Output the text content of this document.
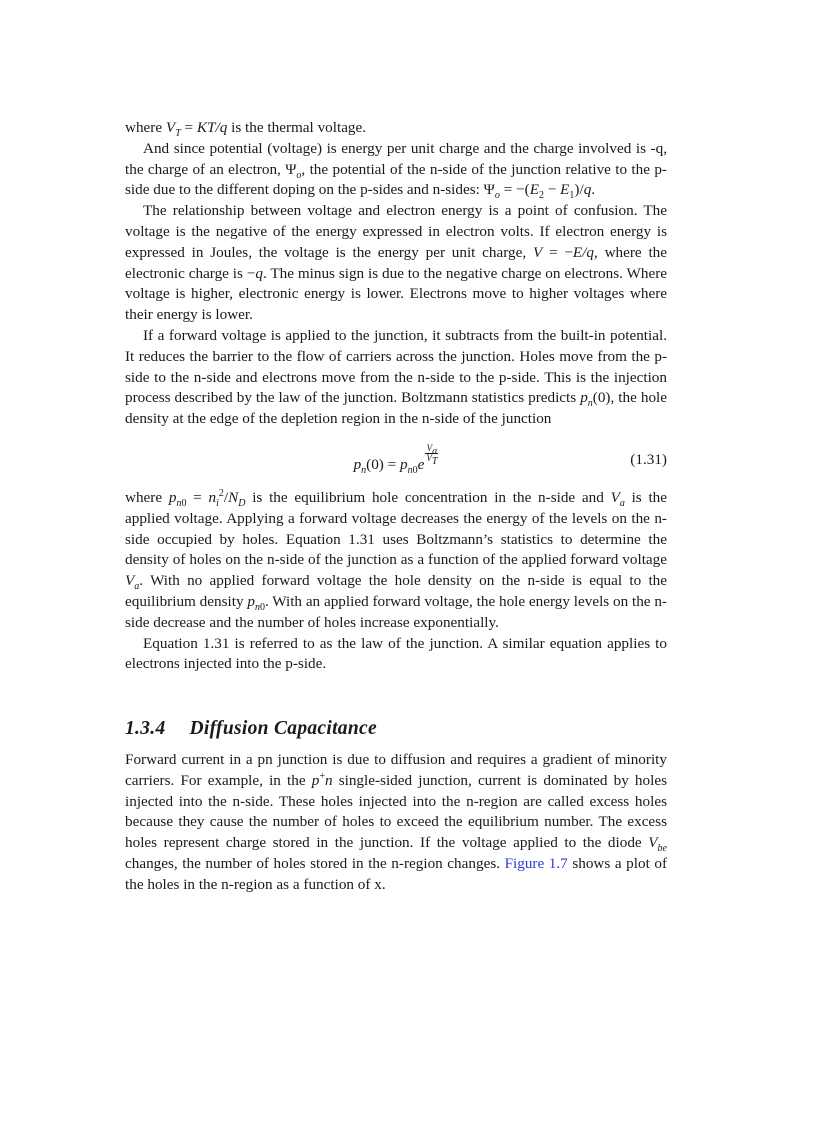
where $V_T = KT/q$ is the thermal voltage.

And since potential (voltage) is energy per unit charge and the charge involved is -q, the charge of an electron, $\Psi_o$, the potential of the n-side of the junction relative to the p-side due to the different doping on the p-sides and n-sides: $\Psi_o = -(E_2 - E_1)/q$.

The relationship between voltage and electron energy is a point of confusion. The voltage is the negative of the energy expressed in electron volts. If electron energy is expressed in Joules, the voltage is the energy per unit charge, V = −E/q, where the electronic charge is −q. The minus sign is due to the negative charge on electrons. Where voltage is higher, electronic energy is lower. Electrons move to higher voltages where their energy is lower.

If a forward voltage is applied to the junction, it subtracts from the built-in potential. It reduces the barrier to the flow of carriers across the junction. Holes move from the p-side to the n-side and electrons move from the n-side to the p-side. This is the injection process described by the law of the junction. Boltzmann statistics predicts $p_n(0)$, the hole density at the edge of the depletion region in the n-side of the junction

$p_n(0) = p_{n0}e$
$\frac{V_a}{V_T}$	(1.31)

where $p_{n0} = n_i^2/N_D$ is the equilibrium hole concentration in the n-side and $V_a$ is the applied voltage. Applying a forward voltage decreases the energy of the levels on the n-side occupied by holes. Equation 1.31 uses Boltzmann’s statistics to determine the density of holes on the n-side of the junction as a function of the applied forward voltage $V_a$. With no applied forward voltage the hole density on the n-side is equal to the equilibrium density $p_{n0}$. With an applied forward voltage, the hole energy levels on the n-side decrease and the number of holes increase exponentially.

Equation 1.31 is referred to as the law of the junction. A similar equation applies to electrons injected into the p-side.

1.3.4 Diffusion Capacitance

Forward current in a pn junction is due to diffusion and requires a gradient of minority carriers. For example, in the p+n single-sided junction, current is dominated by holes injected into the n-side. These holes injected into the n-region are called excess holes because they cause the number of holes to exceed the equilibrium number. The excess holes represent charge stored in the junction. If the voltage applied to the diode $V_{be}$ changes, the number of holes stored in the n-region changes. Figure 1.7 shows a plot of the holes in the n-region as a function of x.
